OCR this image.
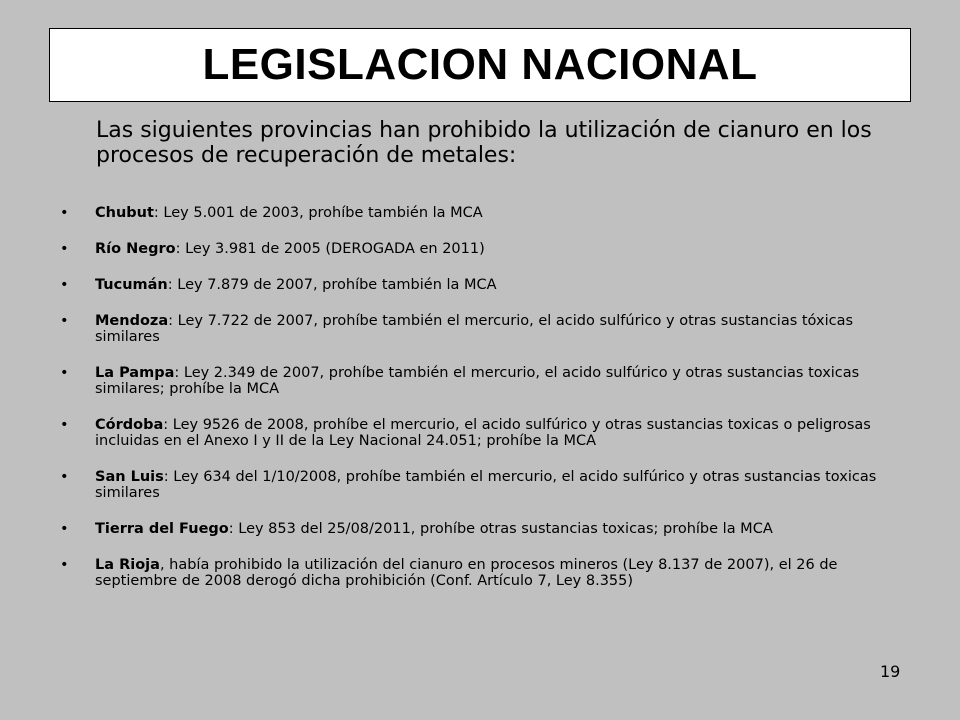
LEGISLACION NACIONAL

Las siguientes provincias han prohibido la utilización de cianuro en los procesos de recuperación de metales:

• Chubut: Ley 5.001 de 2003, prohíbe también la MCA
• Río Negro: Ley 3.981 de 2005 (DEROGADA en 2011)
• Tucumán: Ley 7.879 de 2007, prohíbe también la MCA
• Mendoza: Ley 7.722 de 2007, prohíbe también el mercurio, el acido sulfúrico y otras sustancias tóxicas similares
• La Pampa: Ley 2.349 de 2007, prohíbe también el mercurio, el acido sulfúrico y otras sustancias toxicas similares; prohíbe la MCA
• Córdoba: Ley 9526 de 2008, prohíbe el mercurio, el acido sulfúrico y otras sustancias toxicas o peligrosas incluidas en el Anexo I y II de la Ley Nacional 24.051; prohíbe la MCA
• San Luis: Ley 634 del 1/10/2008, prohíbe también el mercurio, el acido sulfúrico y otras sustancias toxicas similares
• Tierra del Fuego: Ley 853 del 25/08/2011, prohíbe otras sustancias toxicas; prohíbe la MCA
• La Rioja, había prohibido la utilización del cianuro en procesos mineros (Ley 8.137 de 2007), el 26 de septiembre de 2008 derogó dicha prohibición (Conf. Artículo 7, Ley 8.355)
19
